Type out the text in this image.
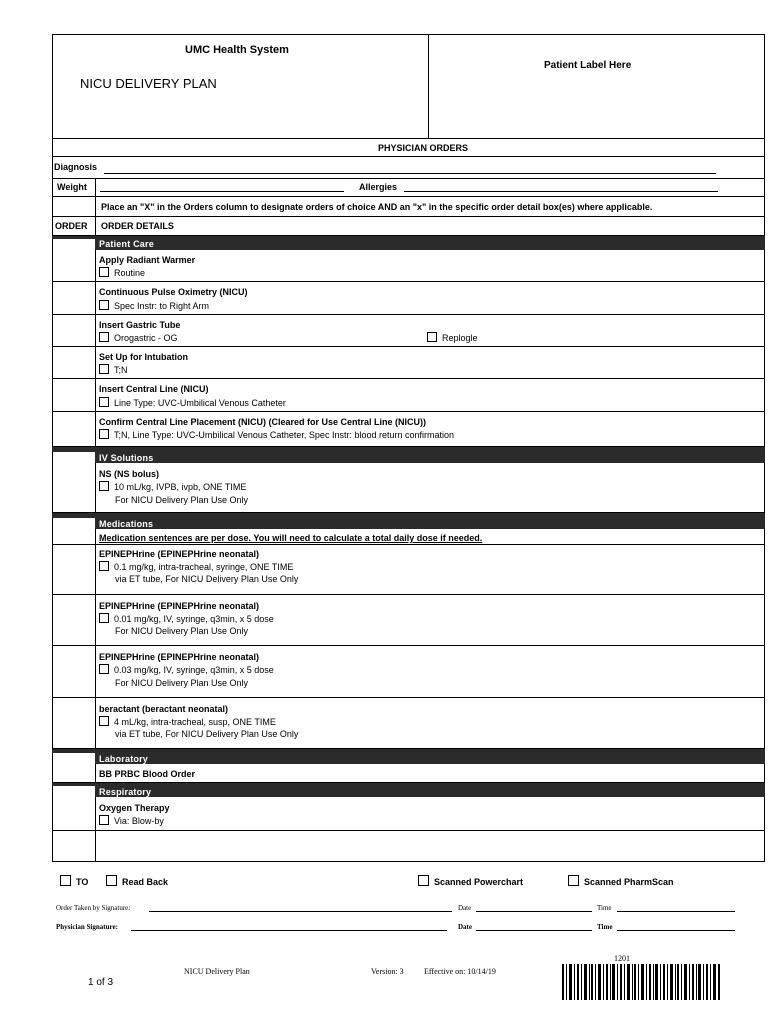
UMC Health System
NICU DELIVERY PLAN
Patient Label Here
PHYSICIAN ORDERS
Diagnosis
Weight	Allergies
Place an "X" in the Orders column to designate orders of choice AND an "x" in the specific order detail box(es) where applicable.
ORDER ORDER DETAILS
Patient Care
Apply Radiant Warmer
Routine
Continuous Pulse Oximetry (NICU)
Spec Instr: to Right Arm
Insert Gastric Tube
Orogastric - OG	Replogle
Set Up for Intubation
T;N
Insert Central Line (NICU)
Line Type: UVC-Umbilical Venous Catheter
Confirm Central Line Placement (NICU) (Cleared for Use Central Line (NICU))
T;N, Line Type: UVC-Umbilical Venous Catheter, Spec Instr: blood return confirmation
IV Solutions
NS (NS bolus)
10 mL/kg, IVPB, ivpb, ONE TIME
For NICU Delivery Plan Use Only
Medications
Medication sentences are per dose. You will need to calculate a total daily dose if needed.
EPINEPHrine (EPINEPHrine neonatal)
0.1 mg/kg, intra-tracheal, syringe, ONE TIME
via ET tube, For NICU Delivery Plan Use Only
EPINEPHrine (EPINEPHrine neonatal)
0.01 mg/kg, IV, syringe, q3min, x 5 dose
For NICU Delivery Plan Use Only
EPINEPHrine (EPINEPHrine neonatal)
0.03 mg/kg, IV, syringe, q3min, x 5 dose
For NICU Delivery Plan Use Only
beractant (beractant neonatal)
4 mL/kg, intra-tracheal, susp, ONE TIME
via ET tube, For NICU Delivery Plan Use Only
Laboratory
BB PRBC Blood Order
Respiratory
Oxygen Therapy
Via: Blow-by
TO	Read Back	Scanned Powerchart	Scanned PharmScan
Order Taken by Signature:	Date	Time
Physician Signature:	Date	Time
1 of 3
NICU Delivery Plan	Version: 3	Effective on: 10/14/19
1201
